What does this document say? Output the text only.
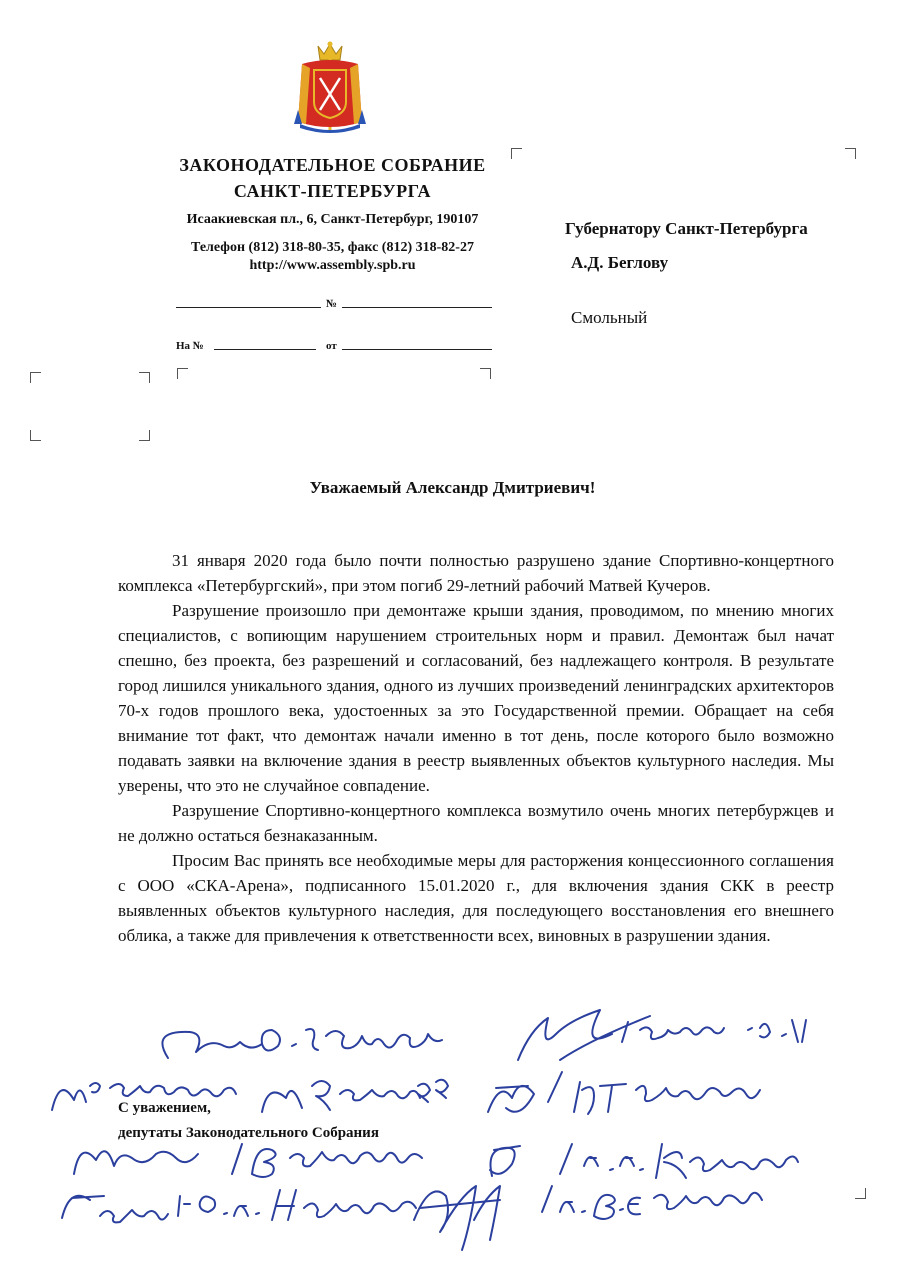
ЗАКОНОДАТЕЛЬНОЕ СОБРАНИЕ
САНКТ-ПЕТЕРБУРГА
Исаакиевская пл., 6, Санкт-Петербург, 190107
Телефон (812) 318-80-35, факс (812) 318-82-27
http://www.assembly.spb.ru
№
На №	от
Губернатору Санкт-Петербурга
А.Д. Беглову
Смольный
Уважаемый Александр Дмитриевич!

31 января 2020 года было почти полностью разрушено здание Спортивно-концертного комплекса «Петербургский», при этом погиб 29-летний рабочий Матвей Кучеров.

Разрушение произошло при демонтаже крыши здания, проводимом, по мнению многих специалистов, с вопиющим нарушением строительных норм и правил. Демонтаж был начат спешно, без проекта, без разрешений и согласований, без надлежащего контроля. В результате город лишился уникального здания, одного из лучших произведений ленинградских архитекторов 70-х годов прошлого века, удостоенных за это Государственной премии. Обращает на себя внимание тот факт, что демонтаж начали именно в тот день, после которого было возможно подавать заявки на включение здания в реестр выявленных объектов культурного наследия. Мы уверены, что это не случайное совпадение.

Разрушение Спортивно-концертного комплекса возмутило очень многих петербуржцев и не должно остаться безнаказанным.

Просим Вас принять все необходимые меры для расторжения концессионного соглашения с ООО «СКА-Арена», подписанного 15.01.2020 г., для включения здания СКК в реестр выявленных объектов культурного наследия, для последующего восстановления его внешнего облика, а также для привлечения к ответственности всех, виновных в разрушении здания.

С уважением,
депутаты Законодательного Собрания
